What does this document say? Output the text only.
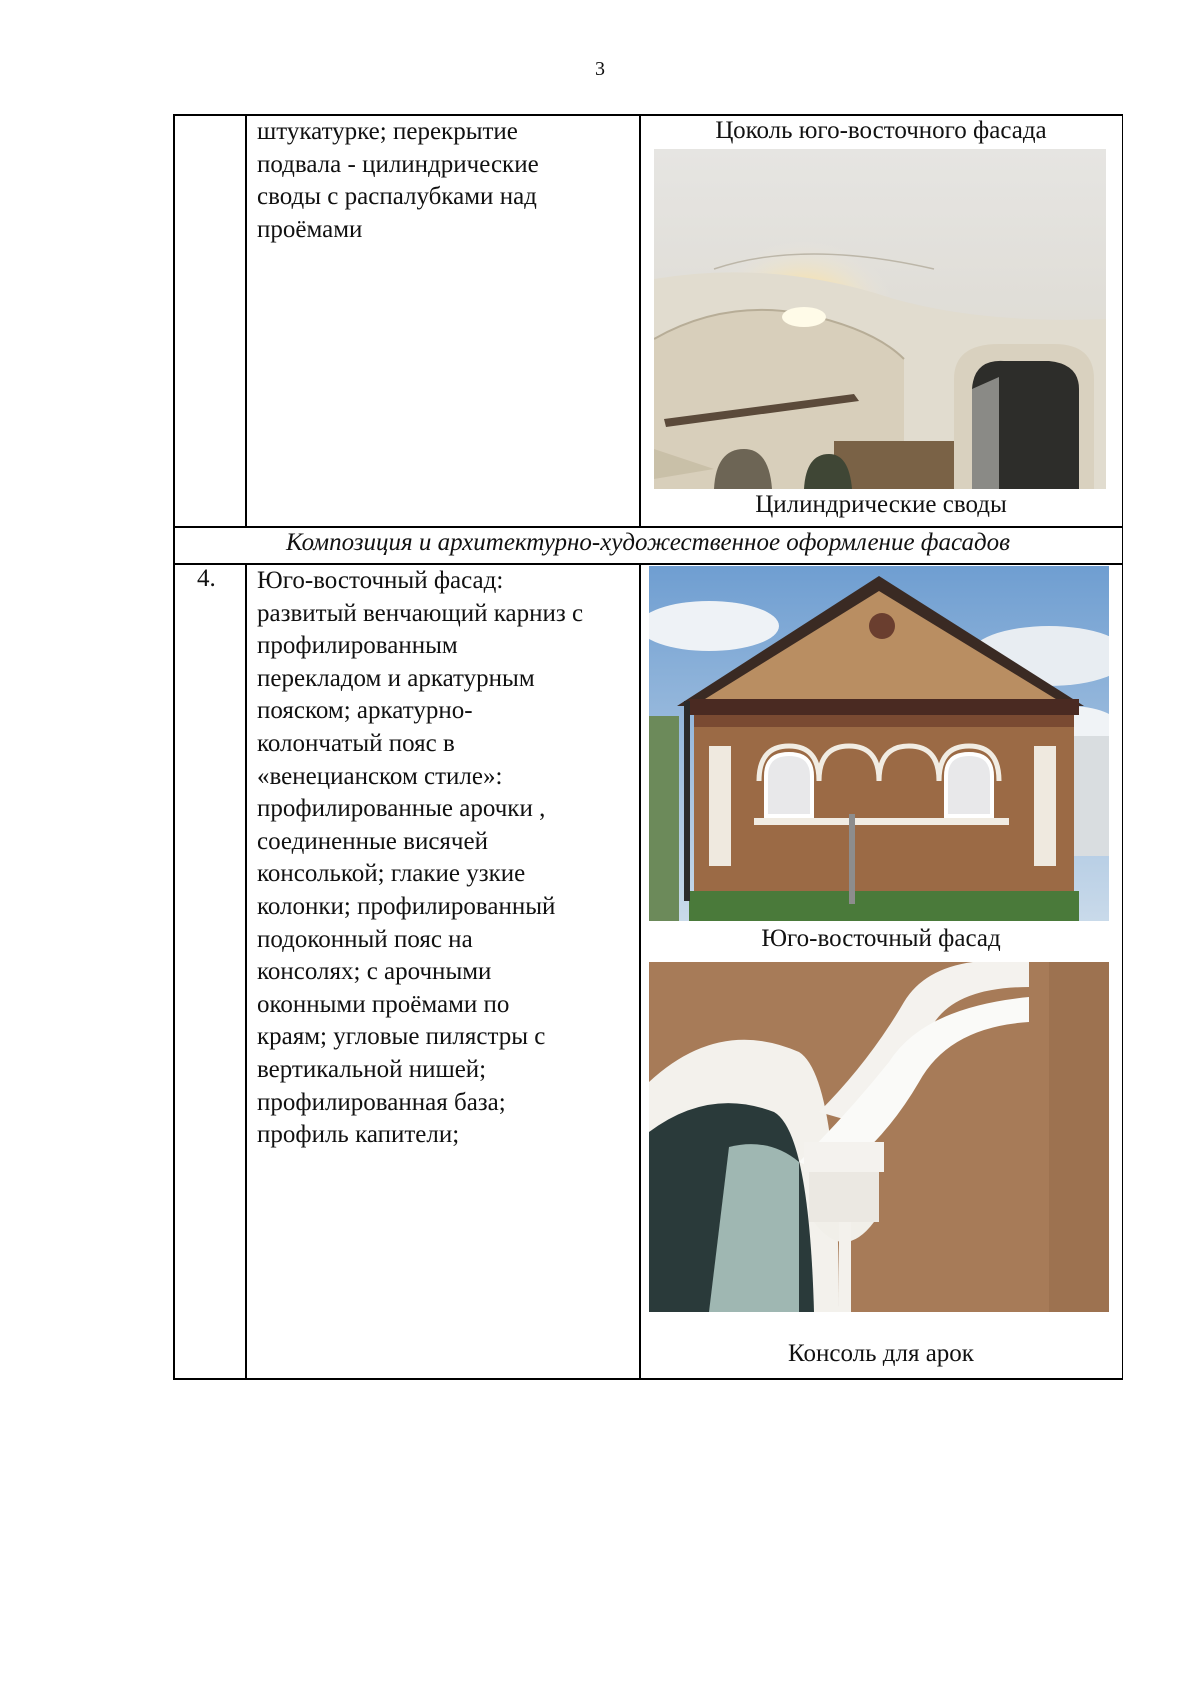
3
штукатурке; перекрытие
подвала - цилиндрические
своды с распалубками над
проёмами
Цоколь юго-восточного фасада
Цилиндрические своды
Композиция и архитектурно-художественное оформление фасадов
4. Юго-восточный фасад:
развитый венчающий карниз с
профилированным
перекладом и аркатурным
пояском; аркатурно-
колончатый пояс в
«венецианском стиле»:
профилированные арочки ,
соединенные висячей
консолькой; глакие узкие
колонки; профилированный
подоконный пояс на
консолях; с арочными
оконными проёмами по
краям; угловые пилястры с
вертикальной нишей;
профилированная база;
профиль капители;
Юго-восточный фасад
Консоль для арок
